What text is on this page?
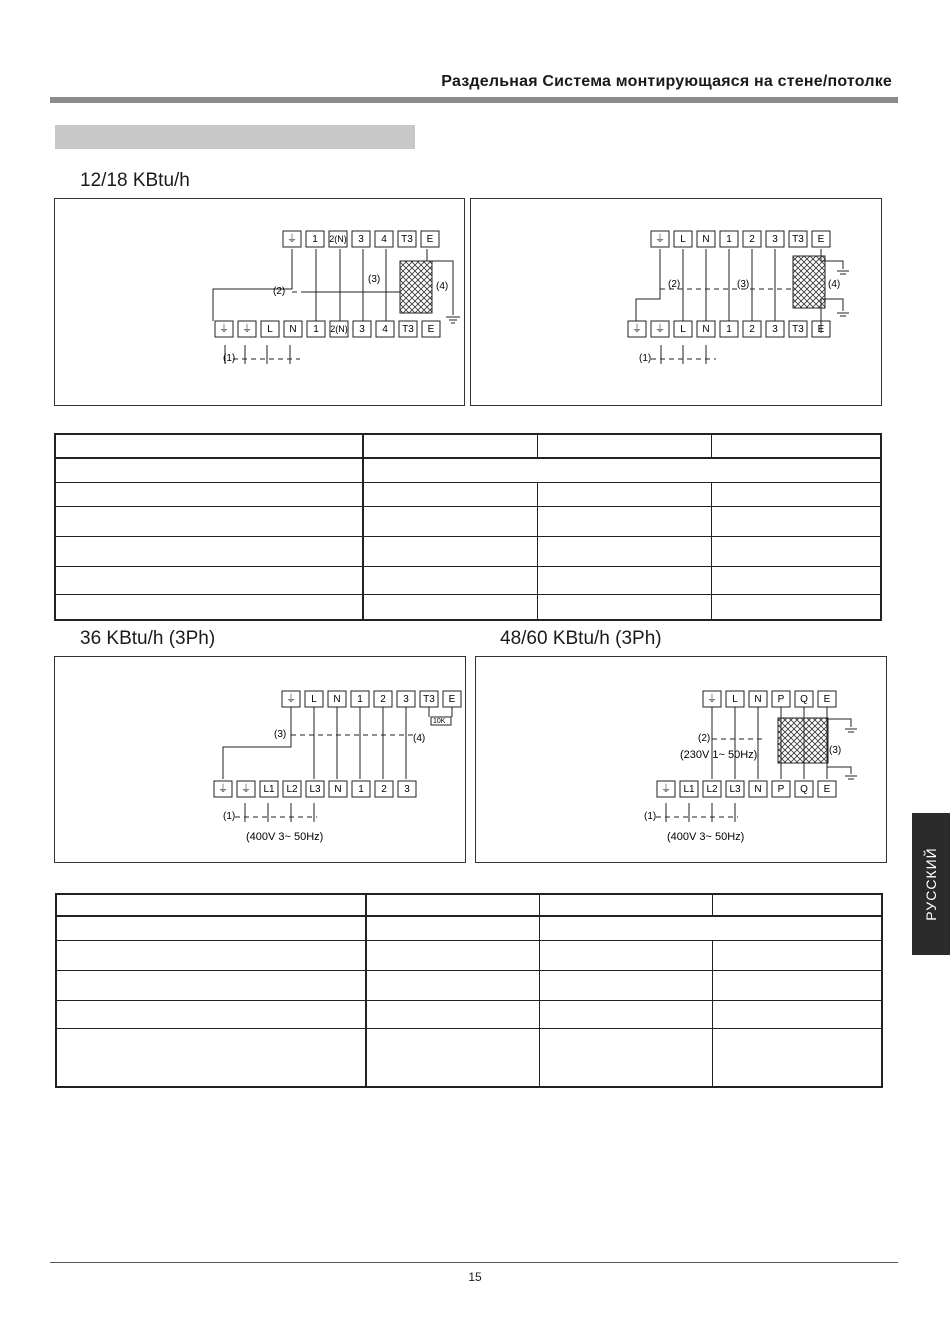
Раздельная Система монтирующаяся на стене/потолке
12/18 KBtu/h
⏚ 1 2(N) 3 4 T3 E
⏚ ⏚ L N 1 2(N) 3 4 T3 E
(1)
(2)
(3)
(4)
⏚ L N 1 2 3 T3 E
⏚ ⏚ L N 1 2 3 T3 E
(1)
(2)	(3)	(4)

36 KBtu/h (3Ph)	48/60 KBtu/h (3Ph)
⏚ L N 1 2 3 T3 E
⏚ ⏚ L1 L2 L3 N 1 2 3
10K
(1)
(3)	(4)
(400V 3~ 50Hz)
⏚ L N P Q E
⏚ L1 L2 L3 N P Q E
(1)
(2)
(3)
(230V 1~ 50Hz)
(400V 3~ 50Hz)

РУССКИЙ
15
